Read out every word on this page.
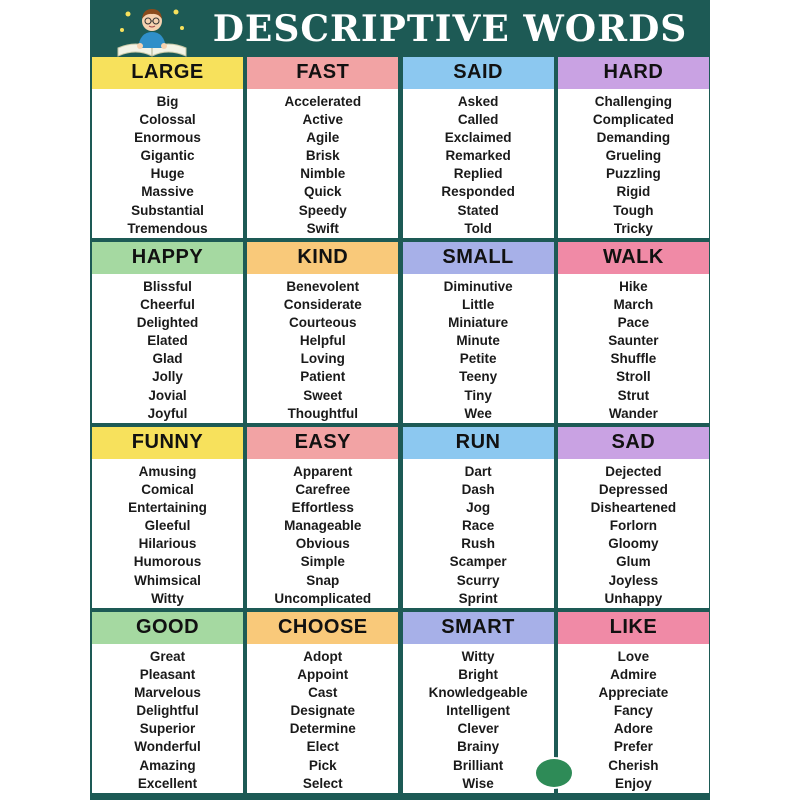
DESCRIPTIVE WORDS
LARGE
Big
Colossal
Enormous
Gigantic
Huge
Massive
Substantial
Tremendous
FAST
Accelerated
Active
Agile
Brisk
Nimble
Quick
Speedy
Swift
SAID
Asked
Called
Exclaimed
Remarked
Replied
Responded
Stated
Told
HARD
Challenging
Complicated
Demanding
Grueling
Puzzling
Rigid
Tough
Tricky
HAPPY
Blissful
Cheerful
Delighted
Elated
Glad
Jolly
Jovial
Joyful
KIND
Benevolent
Considerate
Courteous
Helpful
Loving
Patient
Sweet
Thoughtful
SMALL
Diminutive
Little
Miniature
Minute
Petite
Teeny
Tiny
Wee
WALK
Hike
March
Pace
Saunter
Shuffle
Stroll
Strut
Wander
FUNNY
Amusing
Comical
Entertaining
Gleeful
Hilarious
Humorous
Whimsical
Witty
EASY
Apparent
Carefree
Effortless
Manageable
Obvious
Simple
Snap
Uncomplicated
RUN
Dart
Dash
Jog
Race
Rush
Scamper
Scurry
Sprint
SAD
Dejected
Depressed
Disheartened
Forlorn
Gloomy
Glum
Joyless
Unhappy
GOOD
Great
Pleasant
Marvelous
Delightful
Superior
Wonderful
Amazing
Excellent
CHOOSE
Adopt
Appoint
Cast
Designate
Determine
Elect
Pick
Select
SMART
Witty
Bright
Knowledgeable
Intelligent
Clever
Brainy
Brilliant
Wise
LIKE
Love
Admire
Appreciate
Fancy
Adore
Prefer
Cherish
Enjoy
